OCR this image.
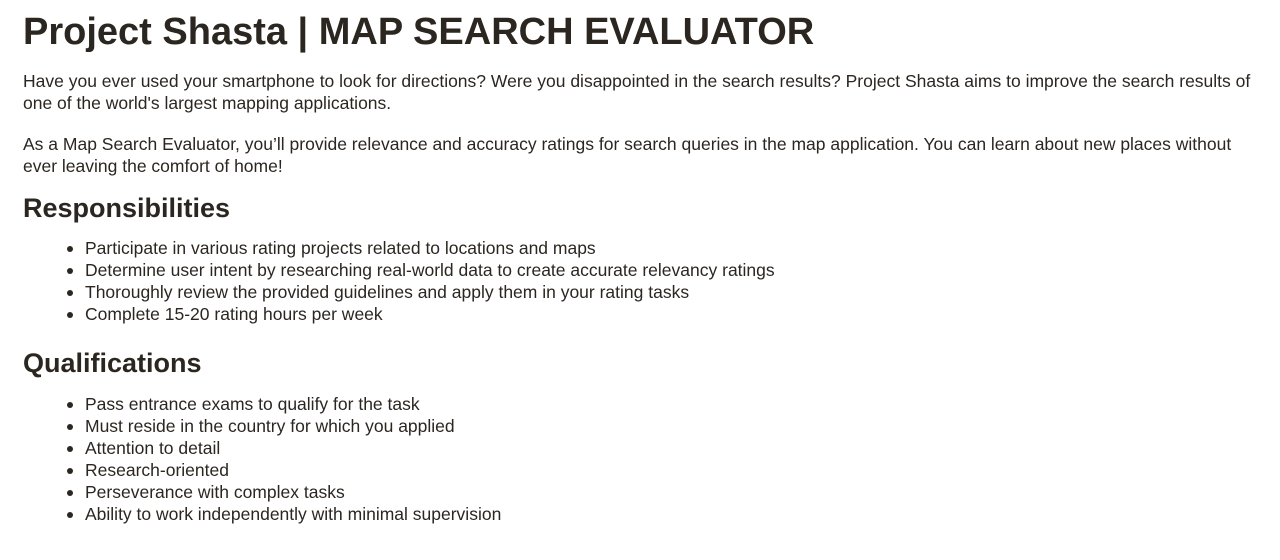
Project Shasta | MAP SEARCH EVALUATOR

Have you ever used your smartphone to look for directions? Were you disappointed in the search results? Project Shasta aims to improve the search results of one of the world's largest mapping applications.

As a Map Search Evaluator, you’ll provide relevance and accuracy ratings for search queries in the map application. You can learn about new places without ever leaving the comfort of home!

Responsibilities
Participate in various rating projects related to locations and maps
Determine user intent by researching real-world data to create accurate relevancy ratings
Thoroughly review the provided guidelines and apply them in your rating tasks
Complete 15-20 rating hours per week
Qualifications
Pass entrance exams to qualify for the task
Must reside in the country for which you applied
Attention to detail
Research-oriented
Perseverance with complex tasks
Ability to work independently with minimal supervision
